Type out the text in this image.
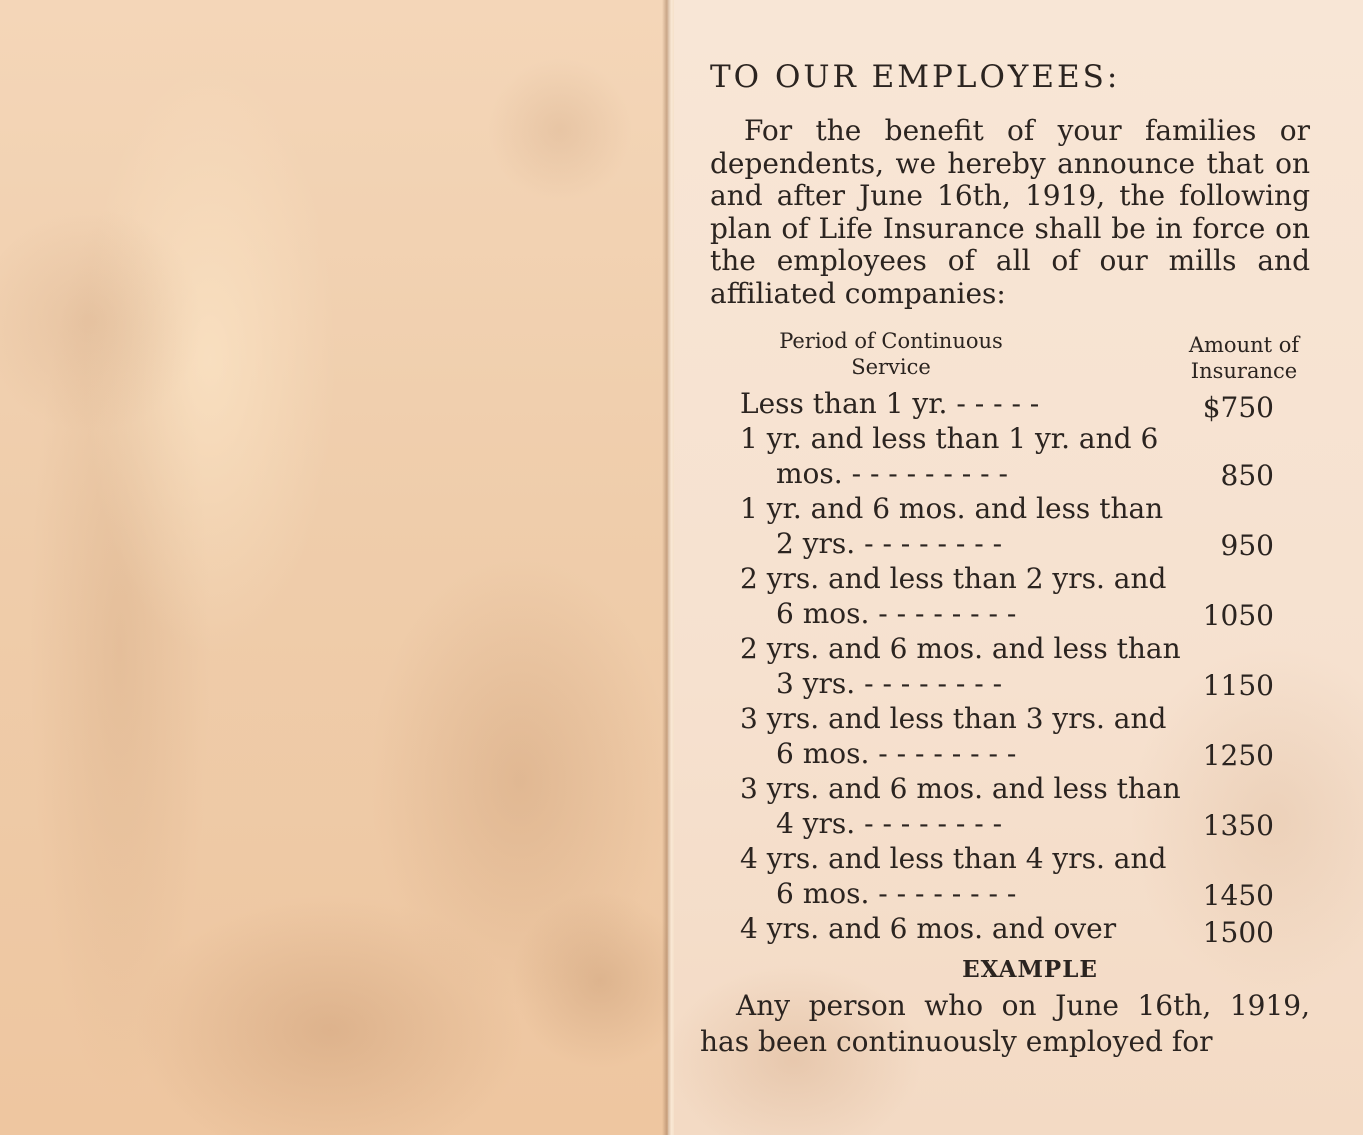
TO OUR EMPLOYEES:

For the benefit of your families or dependents, we hereby announce that on and after June 16th, 1919, the following plan of Life Insurance shall be in force on the employees of all of our mills and affiliated companies:

Period of Continuous
Service
Amount of
Insurance
Less than 1 yr. - - - - -	$750
1 yr. and less than 1 yr. and 6
mos. - - - - - - - - -	850
1 yr. and 6 mos. and less than
2 yrs. - - - - - - - -	950
2 yrs. and less than 2 yrs. and
6 mos. - - - - - - - -	1050
2 yrs. and 6 mos. and less than
3 yrs. - - - - - - - -	1150
3 yrs. and less than 3 yrs. and
6 mos. - - - - - - - -	1250
3 yrs. and 6 mos. and less than
4 yrs. - - - - - - - -	1350
4 yrs. and less than 4 yrs. and
6 mos. - - - - - - - -	1450
4 yrs. and 6 mos. and over	1500
EXAMPLE

Any person who on June 16th, 1919, has been continuously employed for
